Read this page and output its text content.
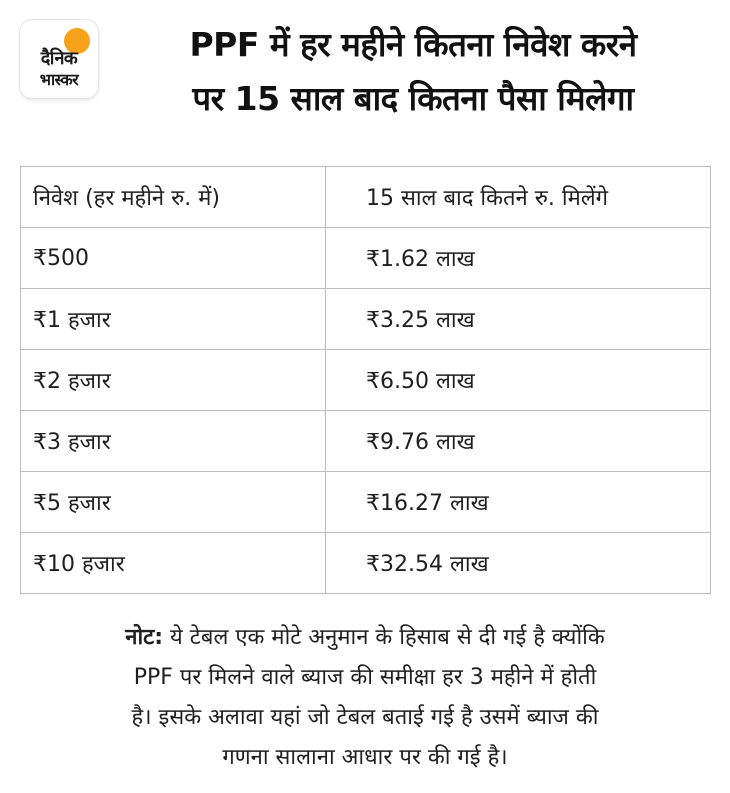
दैनिक
भास्कर
PPF में हर महीने कितना निवेश करने
पर 15 साल बाद कितना पैसा मिलेगा
निवेश (हर महीने रु. में)	15 साल बाद कितने रु. मिलेंगे
₹500	₹1.62 लाख
₹1 हजार	₹3.25 लाख
₹2 हजार	₹6.50 लाख
₹3 हजार	₹9.76 लाख
₹5 हजार	₹16.27 लाख
₹10 हजार	₹32.54 लाख
नोट: ये टेबल एक मोटे अनुमान के हिसाब से दी गई है क्योंकि
PPF पर मिलने वाले ब्याज की समीक्षा हर 3 महीने में होती
है। इसके अलावा यहां जो टेबल बताई गई है उसमें ब्याज की
गणना सालाना आधार पर की गई है।
